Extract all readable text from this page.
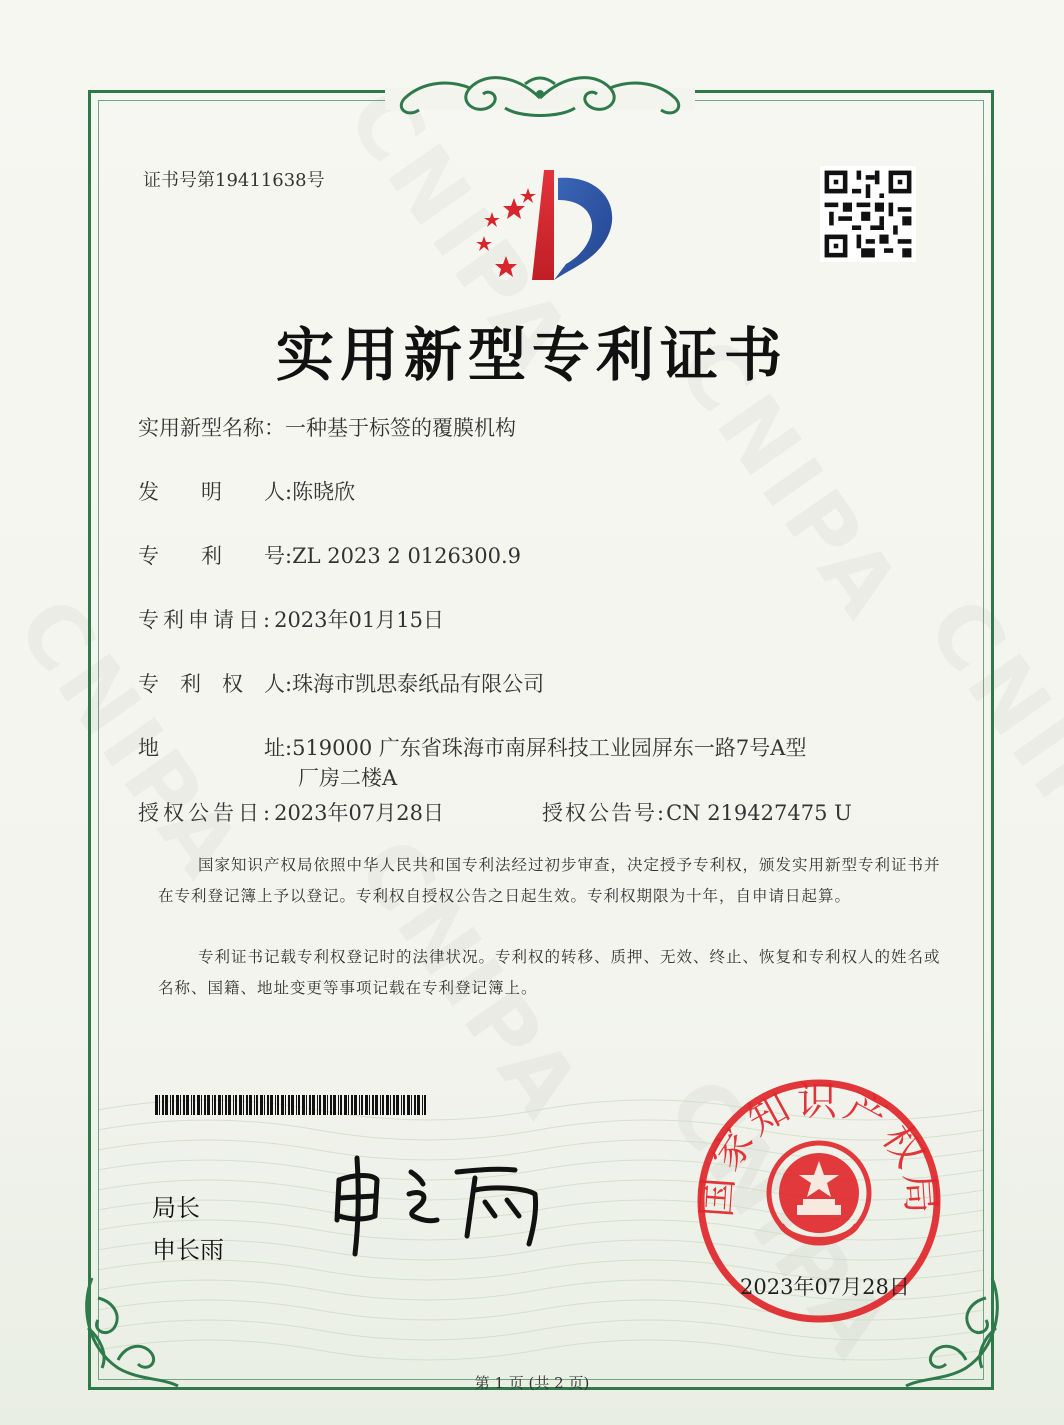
证书号第19411638号
实用新型专利证书
实用新型名称：一种基于标签的覆膜机构
发　　明　　人:陈晓欣
专　　利　　号:ZL 2023 2 0126300.9
专利申请日:2023年01月15日
专　利　权　人:珠海市凯思泰纸品有限公司
地　　　　　址:519000 广东省珠海市南屏科技工业园屏东一路7号A型
厂房二楼A
授权公告日:2023年07月28日	授权公告号:CN 219427475 U
国家知识产权局依照中华人民共和国专利法经过初步审查，决定授予专利权，颁发实用新型专利证书并在专利登记簿上予以登记。专利权自授权公告之日起生效。专利权期限为十年，自申请日起算。
专利证书记载专利权登记时的法律状况。专利权的转移、质押、无效、终止、恢复和专利权人的姓名或名称、国籍、地址变更等事项记载在专利登记簿上。
局长
申长雨
国家知识产权局
2023年07月28日
第 1 页 (共 2 页)
